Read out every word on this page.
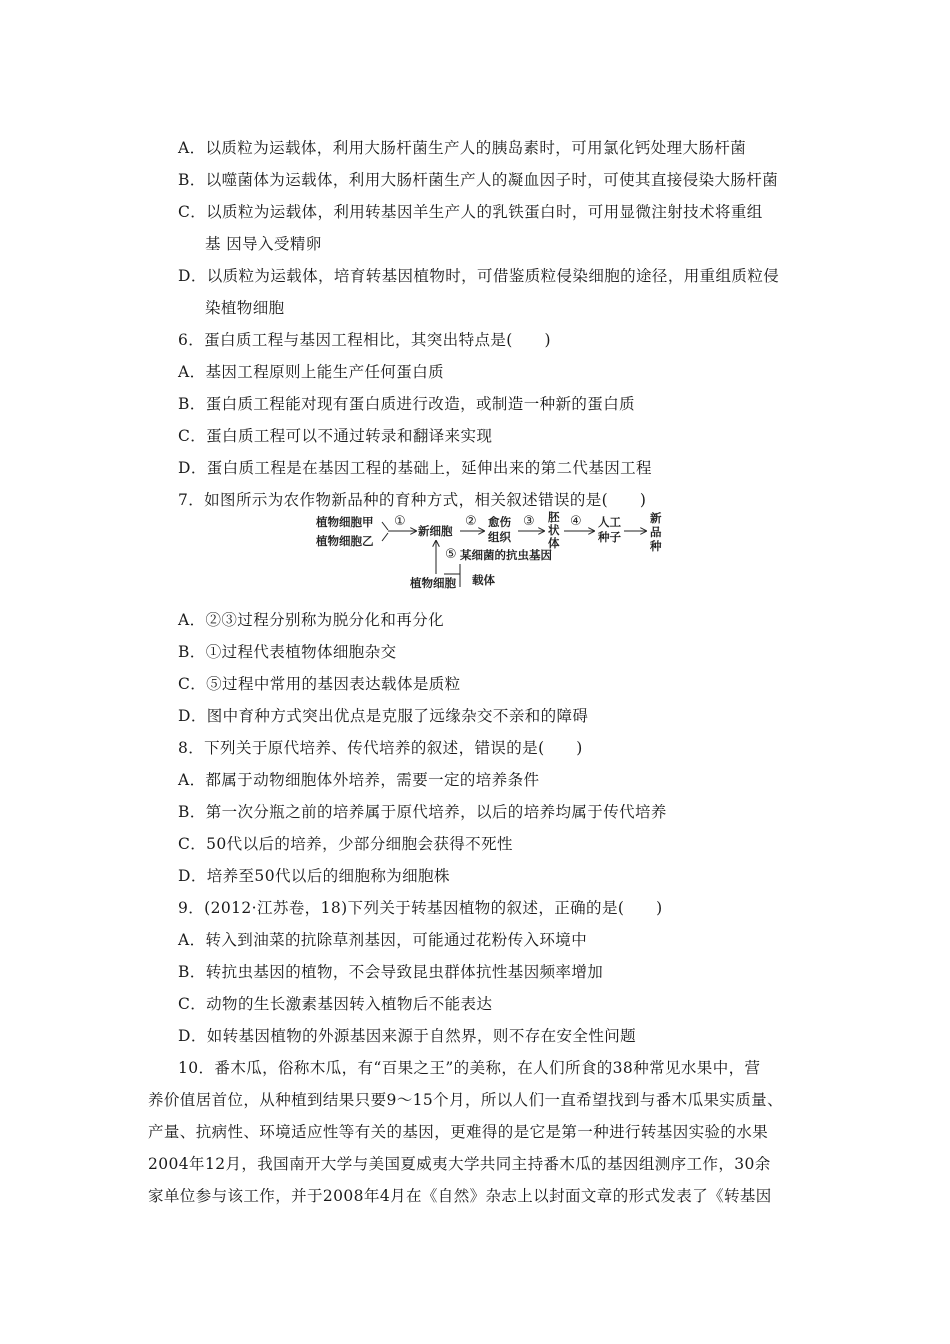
A．以质粒为运载体，利用大肠杆菌生产人的胰岛素时，可用氯化钙处理大肠杆菌
B．以噬菌体为运载体，利用大肠杆菌生产人的凝血因子时，可使其直接侵染大肠杆菌
C．以质粒为运载体，利用转基因羊生产人的乳铁蛋白时，可用显微注射技术将重组
基 因导入受精卵
D．以质粒为运载体，培育转基因植物时，可借鉴质粒侵染细胞的途径，用重组质粒侵
染植物细胞
6．蛋白质工程与基因工程相比，其突出特点是(　　)
A．基因工程原则上能生产任何蛋白质
B．蛋白质工程能对现有蛋白质进行改造，或制造一种新的蛋白质
C．蛋白质工程可以不通过转录和翻译来实现
D．蛋白质工程是在基因工程的基础上，延伸出来的第二代基因工程
7．如图所示为农作物新品种的育种方式，相关叙述错误的是(　　)
植物细胞甲
植物细胞乙
①
新细胞
② 愈伤
组织
③ 胚
状
体
④ 人工
种子
新
品
种
⑤ 某细菌的抗虫基因
植物细胞 载体
A．②③过程分别称为脱分化和再分化
B．①过程代表植物体细胞杂交
C．⑤过程中常用的基因表达载体是质粒
D．图中育种方式突出优点是克服了远缘杂交不亲和的障碍
8．下列关于原代培养、传代培养的叙述，错误的是(　　)
A．都属于动物细胞体外培养，需要一定的培养条件
B．第一次分瓶之前的培养属于原代培养，以后的培养均属于传代培养
C．50代以后的培养，少部分细胞会获得不死性
D．培养至50代以后的细胞称为细胞株
9．(2012·江苏卷，18)下列关于转基因植物的叙述，正确的是(　　)
A．转入到油菜的抗除草剂基因，可能通过花粉传入环境中
B．转抗虫基因的植物，不会导致昆虫群体抗性基因频率增加
C．动物的生长激素基因转入植物后不能表达
D．如转基因植物的外源基因来源于自然界，则不存在安全性问题
10．番木瓜，俗称木瓜，有“百果之王”的美称，在人们所食的38种常见水果中，营
养价值居首位，从种植到结果只要9～15个月，所以人们一直希望找到与番木瓜果实质量、
产量、抗病性、环境适应性等有关的基因，更难得的是它是第一种进行转基因实验的水果
2004年12月，我国南开大学与美国夏威夷大学共同主持番木瓜的基因组测序工作，30余
家单位参与该工作，并于2008年4月在《自然》杂志上以封面文章的形式发表了《转基因
